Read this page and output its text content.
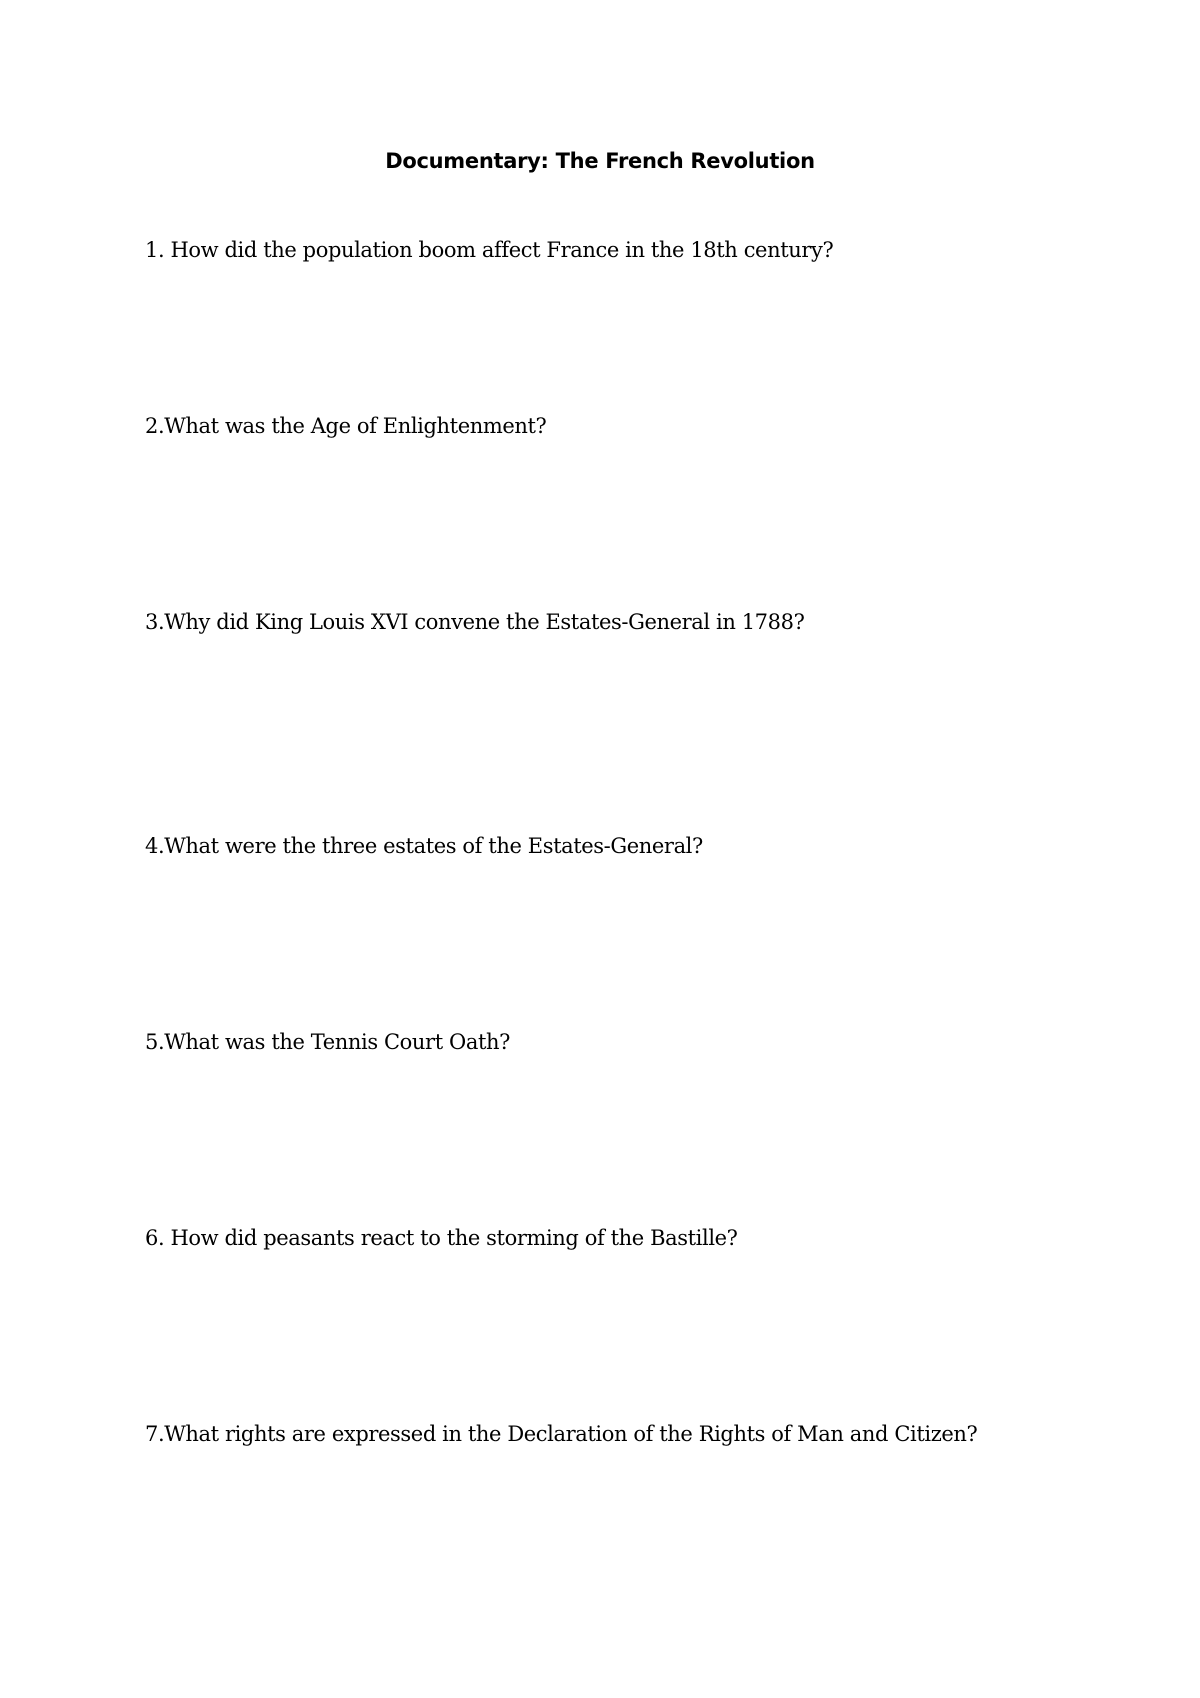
Documentary: The French Revolution

1. How did the population boom affect France in the 18th century?

2.What was the Age of Enlightenment?

3.Why did King Louis XVI convene the Estates-General in 1788?

4.What were the three estates of the Estates-General?

5.What was the Tennis Court Oath?

6. How did peasants react to the storming of the Bastille?

7.What rights are expressed in the Declaration of the Rights of Man and Citizen?
